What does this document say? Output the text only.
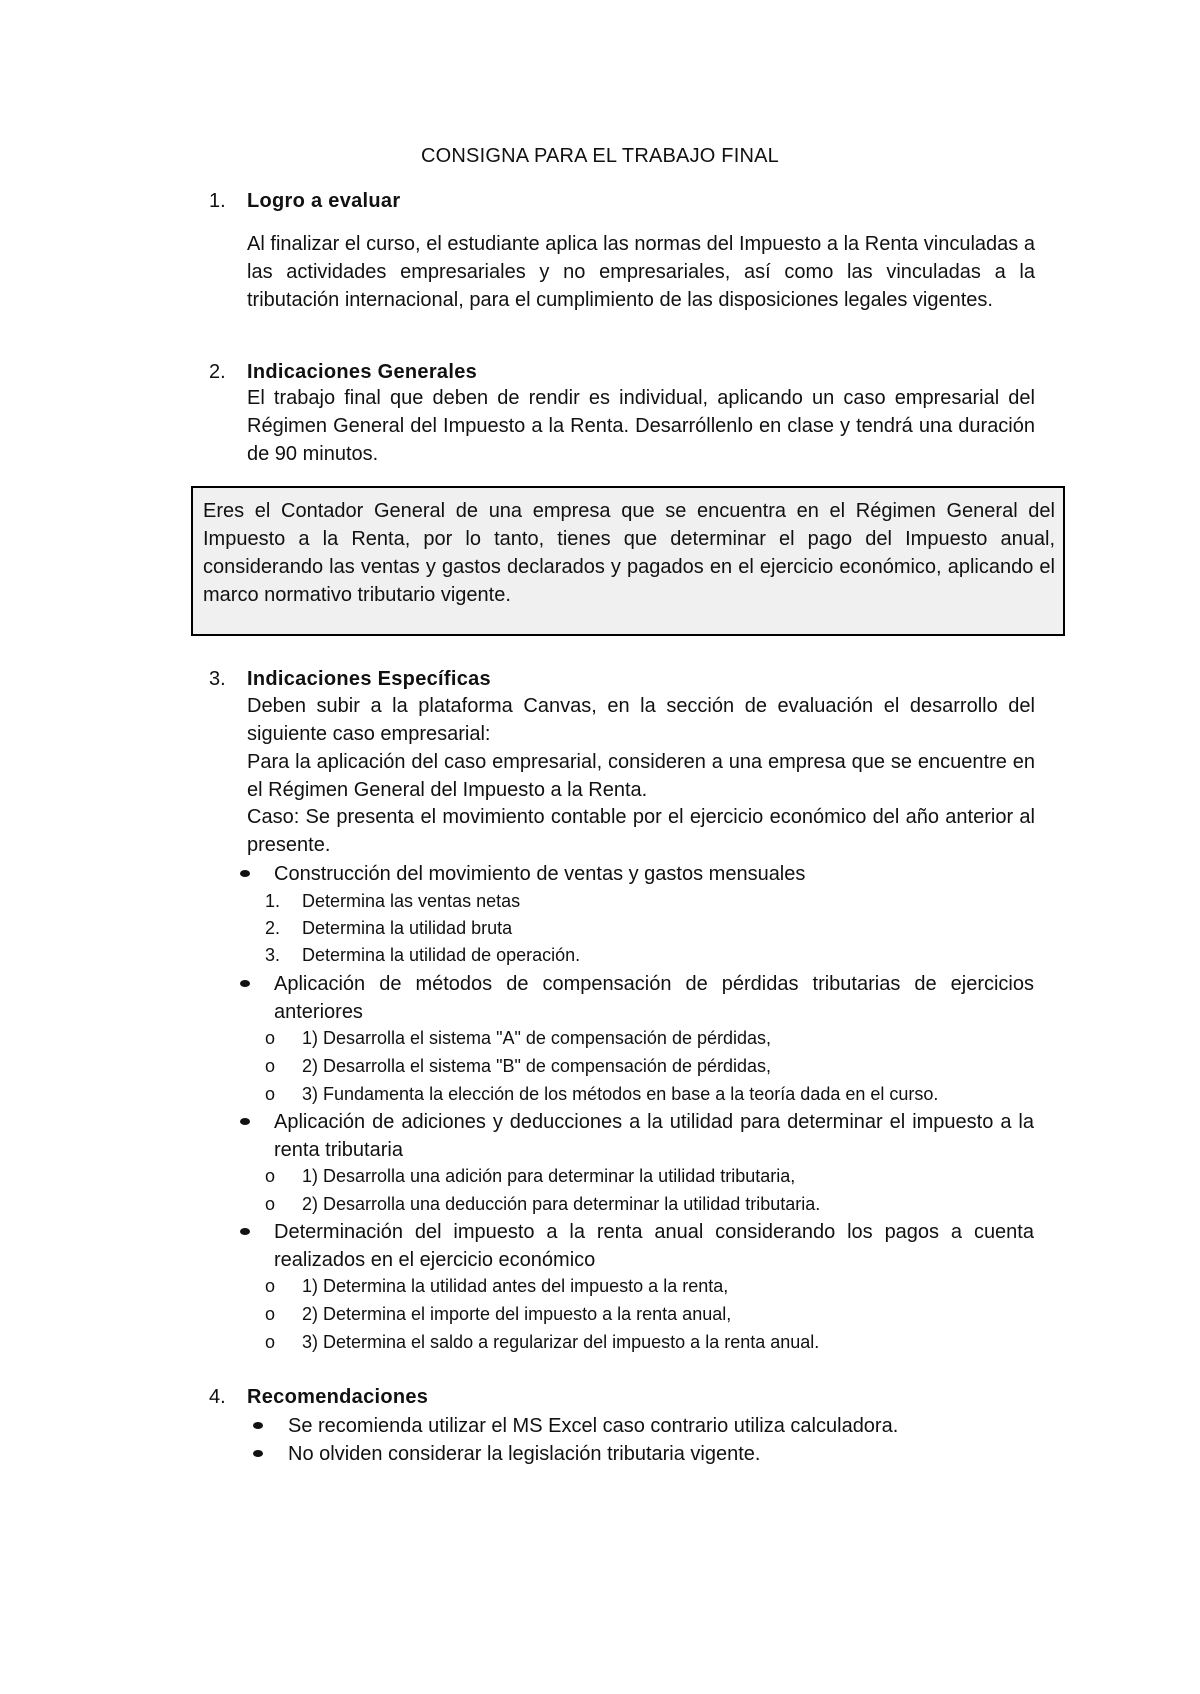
CONSIGNA PARA EL TRABAJO FINAL
1. Logro a evaluar
Al finalizar el curso, el estudiante aplica las normas del Impuesto a la Renta vinculadas a las actividades empresariales y no empresariales, así como las vinculadas a la tributación internacional, para el cumplimiento de las disposiciones legales vigentes.
2. Indicaciones Generales
El trabajo final que deben de rendir es individual, aplicando un caso empresarial del Régimen General del Impuesto a la Renta. Desarróllenlo en clase y tendrá una duración de 90 minutos.
Eres el Contador General de una empresa que se encuentra en el Régimen General del Impuesto a la Renta, por lo tanto, tienes que determinar el pago del Impuesto anual, considerando las ventas y gastos declarados y pagados en el ejercicio económico, aplicando el marco normativo tributario vigente.
3. Indicaciones Específicas
Deben subir a la plataforma Canvas, en la sección de evaluación el desarrollo del siguiente caso empresarial:
Para la aplicación del caso empresarial, consideren a una empresa que se encuentre en el Régimen General del Impuesto a la Renta.
Caso: Se presenta el movimiento contable por el ejercicio económico del año anterior al presente.
Construcción del movimiento de ventas y gastos mensuales
1. Determina las ventas netas
2. Determina la utilidad bruta
3. Determina la utilidad de operación.
Aplicación de métodos de compensación de pérdidas tributarias de ejercicios anteriores
o 1) Desarrolla el sistema "A" de compensación de pérdidas,
o 2) Desarrolla el sistema "B" de compensación de pérdidas,
o 3) Fundamenta la elección de los métodos en base a la teoría dada en el curso.
Aplicación de adiciones y deducciones a la utilidad para determinar el impuesto a la renta tributaria
o 1) Desarrolla una adición para determinar la utilidad tributaria,
o 2) Desarrolla una deducción para determinar la utilidad tributaria.
Determinación del impuesto a la renta anual considerando los pagos a cuenta realizados en el ejercicio económico
o 1) Determina la utilidad antes del impuesto a la renta,
o 2) Determina el importe del impuesto a la renta anual,
o 3) Determina el saldo a regularizar del impuesto a la renta anual.
4. Recomendaciones
Se recomienda utilizar el MS Excel caso contrario utiliza calculadora.
No olviden considerar la legislación tributaria vigente.
